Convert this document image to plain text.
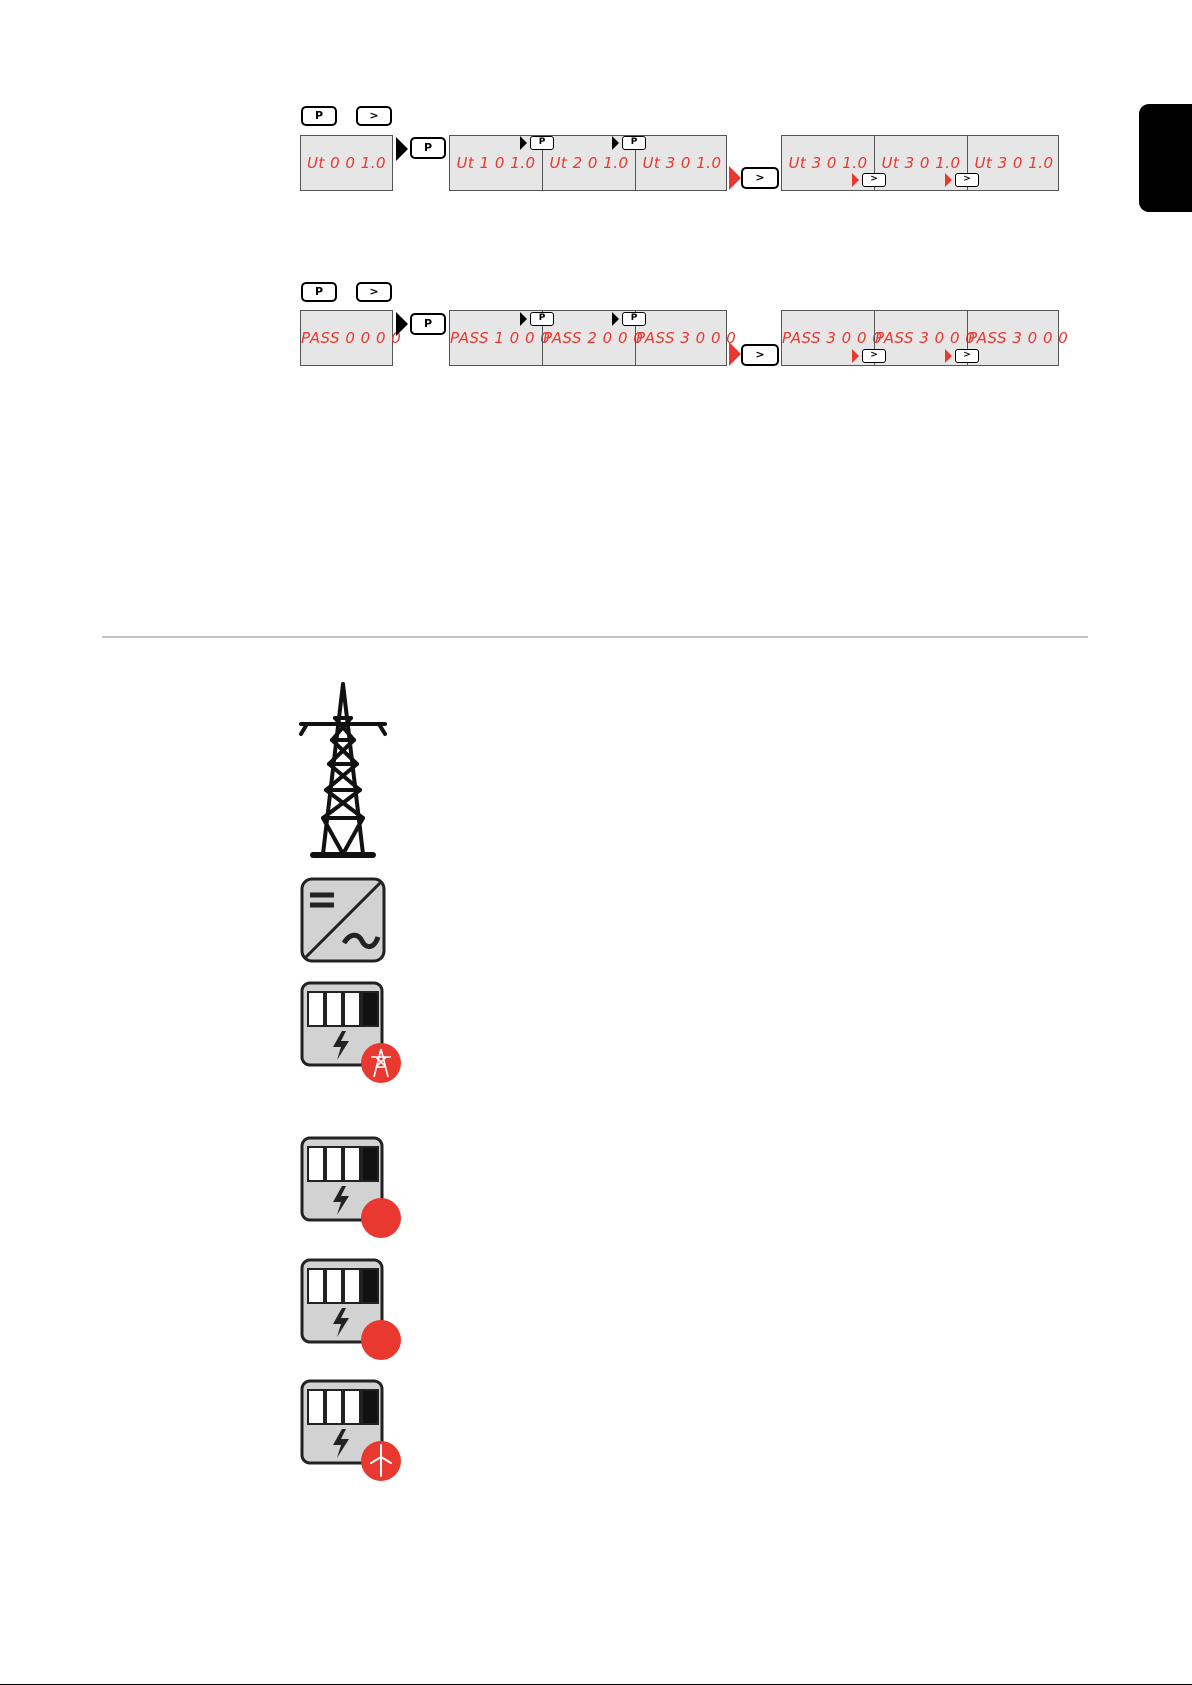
P	>
Ut 0 0 1.0
P
Ut 1 0 1.0 Ut 2 0 1.0 Ut 3 0 1.0
P	P
>
Ut 3 0 1.0 Ut 3 0 1.0 Ut 3 0 1.0
>	>
P	>
PASS 0 0 0 0
P
PASS 1 0 0 0
PASS 2 0 0 0
PASS 3 0 0 0
P	P
>
PASS 3 0 0 0
PASS 3 0 0 0
PASS 3 0 0 0
>	>
